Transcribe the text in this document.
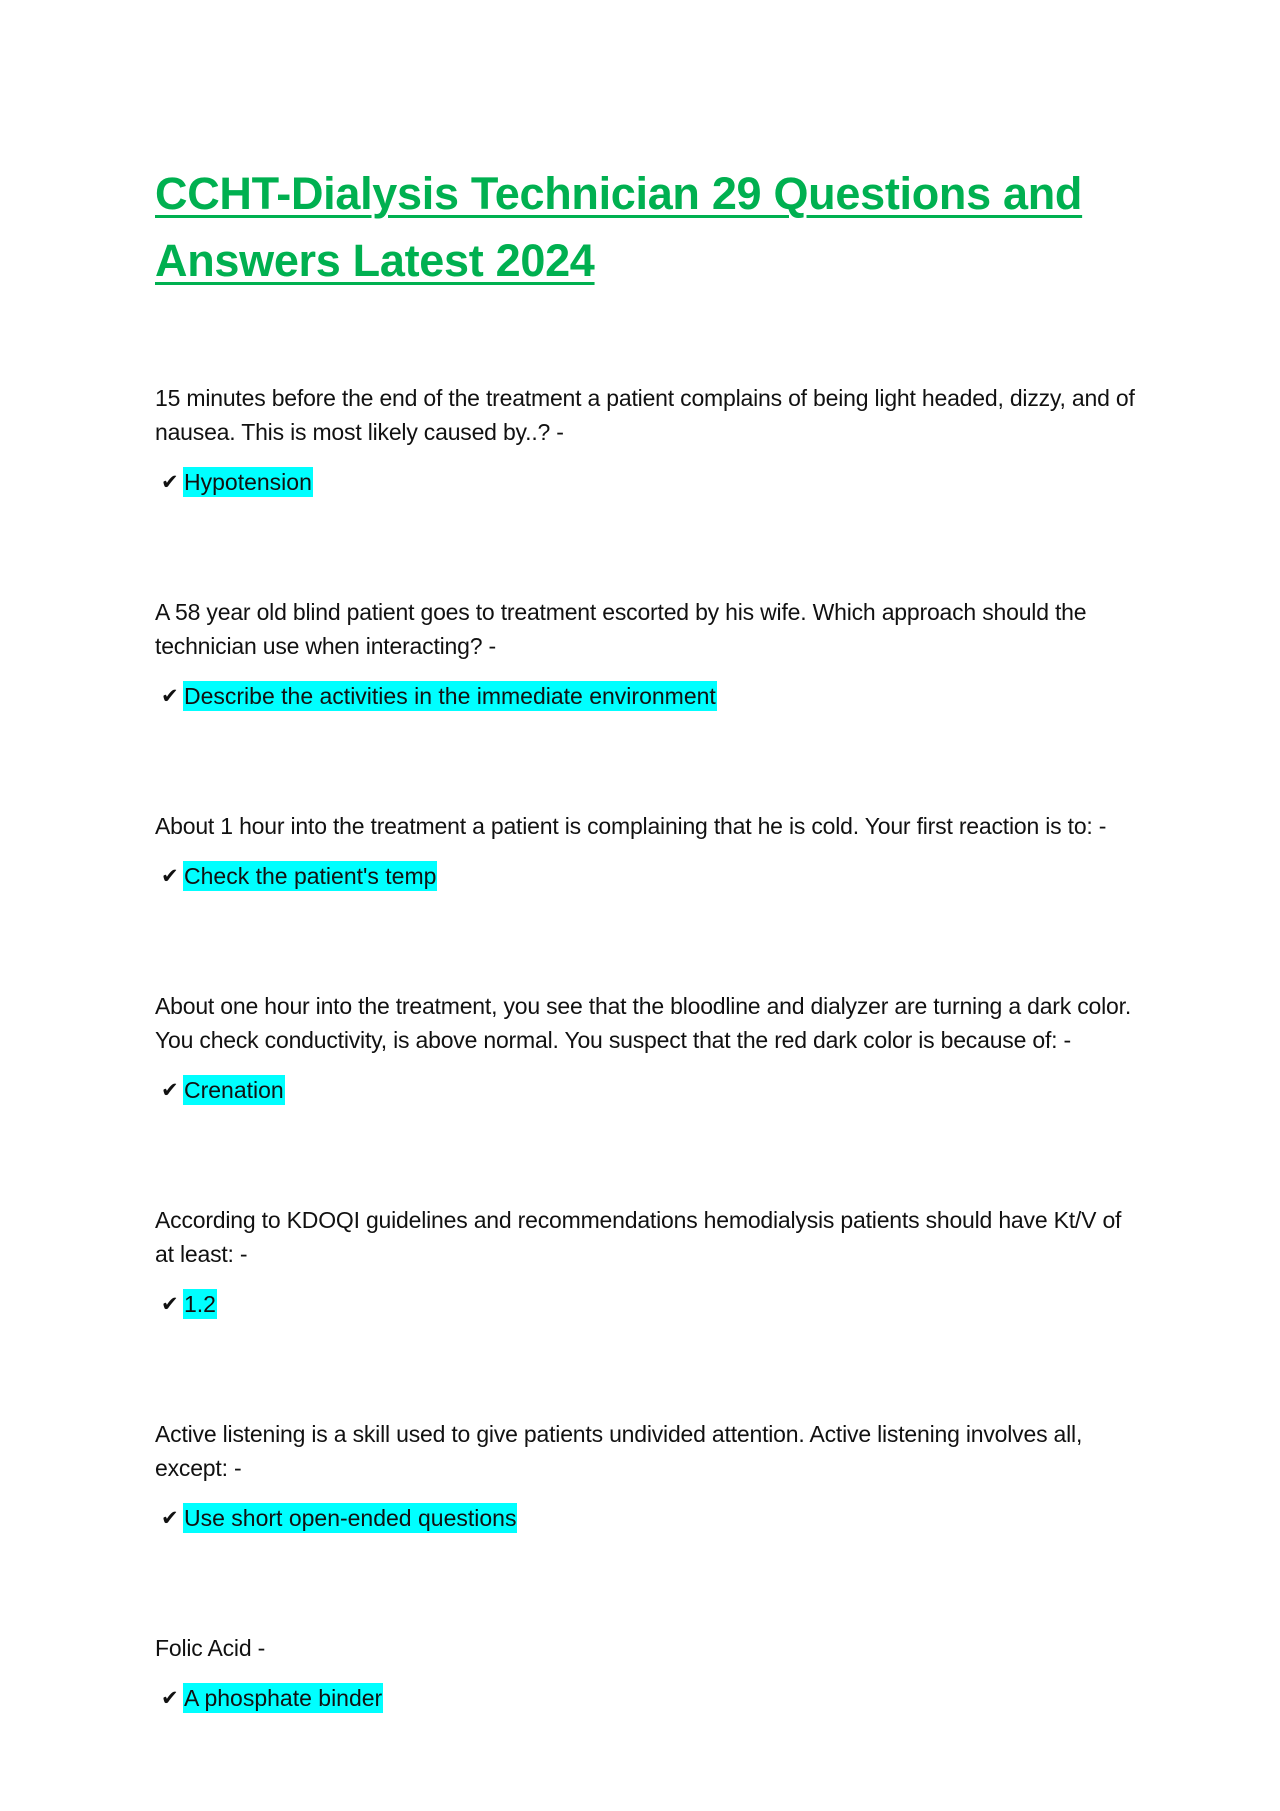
CCHT-Dialysis Technician 29 Questions and
Answers Latest 2024

15 minutes before the end of the treatment a patient complains of being light headed, dizzy, and of nausea. This is most likely caused by..? -

✔ Hypotension

A 58 year old blind patient goes to treatment escorted by his wife. Which approach should the technician use when interacting? -

✔ Describe the activities in the immediate environment

About 1 hour into the treatment a patient is complaining that he is cold. Your first reaction is to: -

✔ Check the patient's temp

About one hour into the treatment, you see that the bloodline and dialyzer are turning a dark color. You check conductivity, is above normal. You suspect that the red dark color is because of: -

✔ Crenation

According to KDOQI guidelines and recommendations hemodialysis patients should have Kt/V of at least: -

✔ 1.2

Active listening is a skill used to give patients undivided attention. Active listening involves all, except: -

✔ Use short open-ended questions

Folic Acid -

✔ A phosphate binder
